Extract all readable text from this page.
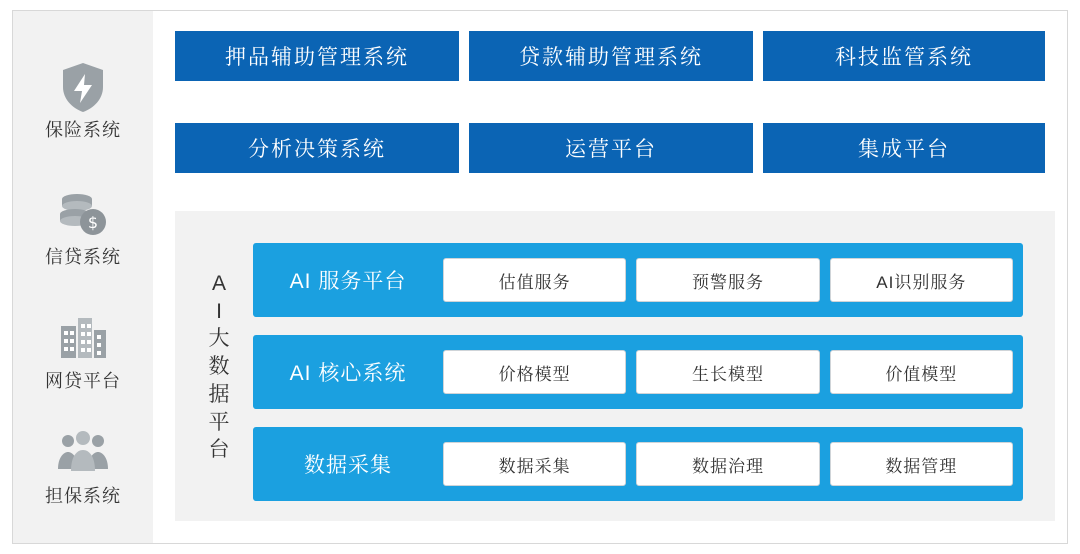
保险系统
$
信贷系统
网贷平台
担保系统
押品辅助管理系统	贷款辅助管理系统	科技监管系统
分析决策系统	运营平台	集成平台
A
I
大
数
据
平
台
AI 服务平台	估值服务	预警服务	AI识别服务
AI 核心系统	价格模型	生长模型	价值模型
数据采集	数据采集	数据治理	数据管理
